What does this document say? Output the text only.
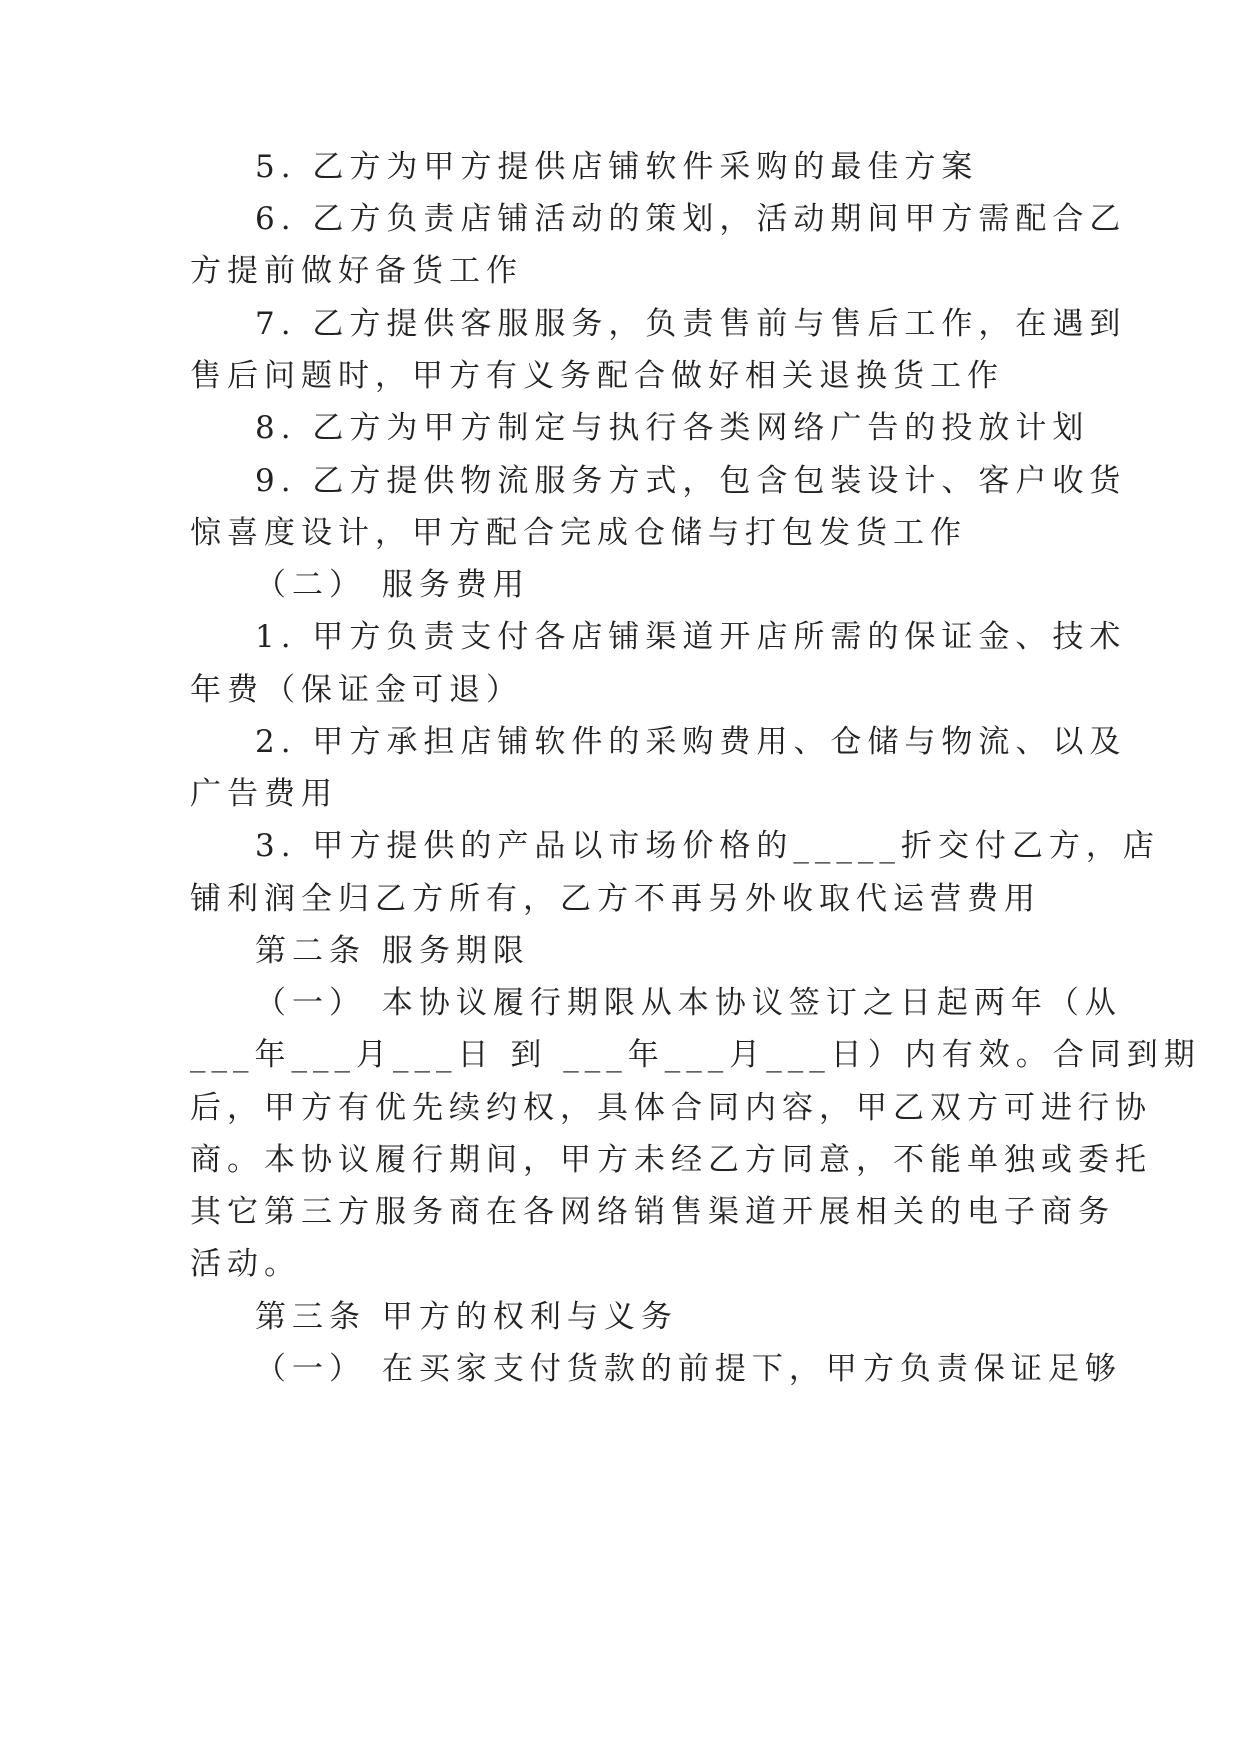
5. 乙方为甲方提供店铺软件采购的最佳方案
6. 乙方负责店铺活动的策划，活动期间甲方需配合乙
方提前做好备货工作
7. 乙方提供客服服务，负责售前与售后工作，在遇到
售后问题时，甲方有义务配合做好相关退换货工作
8. 乙方为甲方制定与执行各类网络广告的投放计划
9. 乙方提供物流服务方式，包含包装设计、客户收货
惊喜度设计，甲方配合完成仓储与打包发货工作
（二） 服务费用
1. 甲方负责支付各店铺渠道开店所需的保证金、技术
年费（保证金可退）
2. 甲方承担店铺软件的采购费用、仓储与物流、以及
广告费用
3. 甲方提供的产品以市场价格的_____折交付乙方，店
铺利润全归乙方所有，乙方不再另外收取代运营费用
第二条 服务期限
（一） 本协议履行期限从本协议签订之日起两年（从
___年___月___日 到 ___年___月___日）内有效。合同到期
后，甲方有优先续约权，具体合同内容，甲乙双方可进行协
商。本协议履行期间，甲方未经乙方同意，不能单独或委托
其它第三方服务商在各网络销售渠道开展相关的电子商务
活动。
第三条 甲方的权利与义务
（一） 在买家支付货款的前提下，甲方负责保证足够
